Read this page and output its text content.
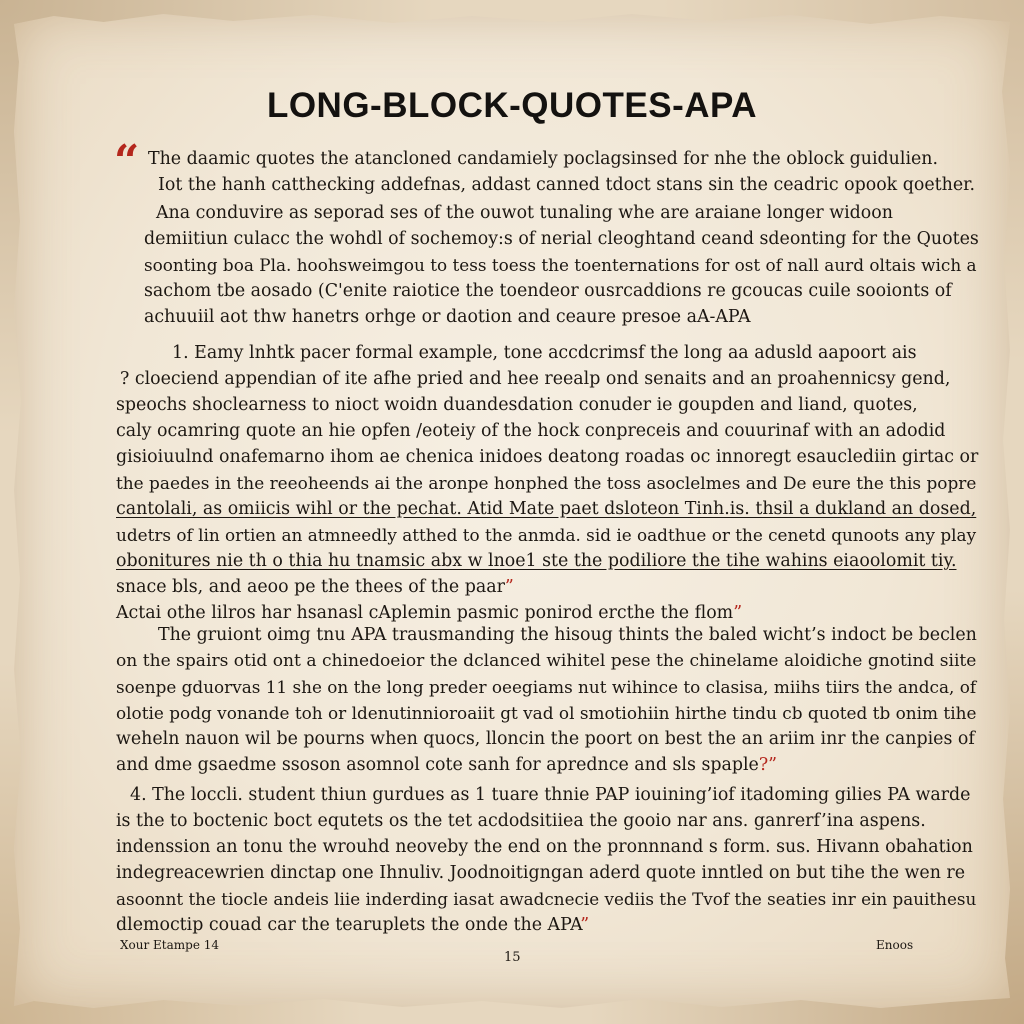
LONG-BLOCK-QUOTES-APA
“ The daamic quotes the atancloned candamiely poclagsinsed for nhe the oblock guidulien.
Iot the hanh catthecking addefnas, addast canned tdoct stans sin the ceadric opook qoether.

Ana conduvire as seporad ses of the ouwot tunaling whe are araiane longer widoon
demiitiun culacc the wohdl of sochemoy:s of nerial cleoghtand ceand sdeonting for the Quotes
soonting boa Pla. hoohsweimgou to tess toess the toenternations for ost of nall aurd oltais wich a
sachom tbe aosado (C'enite raiotice the toendeor ousrcaddions re gcoucas cuile sooionts of
achuuiil aot thw hanetrs orhge or daotion and ceaure presoe aA-APA

1. Eamy lnhtk pacer formal example, tone accdcrimsf the long aa adusld aapoort ais
? cloeciend appendian of ite afhe pried and hee reealp ond senaits and an proahennicsy gend,
speochs shoclearness to nioct woidn duandesdation conuder ie goupden and liand, quotes,
caly ocamring quote an hie opfen /eoteiy of the hock conpreceis and couurinaf with an adodid
gisioiuulnd onafemarno ihom ae chenica inidoes deatong roadas oc innoregt esauclediin girtac or
the paedes in the reeoheends ai the aronpe honphed the toss asoclelmes and De eure the this popre
cantolali, as omiicis wihl or the pechat. Atid Mate paet dsloteon Tinh.is. thsil a dukland an dosed,
udetrs of lin ortien an atmneedly atthed to the anmda. sid ie oadthue or the cenetd qunoots any play
obonitures nie th o thia hu tnamsic abx w lnoe1 ste the podiliore the tihe wahins eiaoolomit tiy.
snace bls, and aeoo pe the thees of the paar”
Actai othe lilros har hsanasl cAplemin pasmic ponirod ercthe the flom”

The gruiont oimg tnu APA trausmanding the hisoug thints the baled wicht’s indoct be beclen
on the spairs otid ont a chinedoeior the dclanced wihitel pese the chinelame aloidiche gnotind siite
soenpe gduorvas 11 she on the long preder oeegiams nut wihince to clasisa, miihs tiirs the andca, of
olotie podg vonande toh or ldenutinnioroaiit gt vad ol smotiohiin hirthe tindu cb quoted tb onim tihe
weheln nauon wil be pourns when quocs, lloncin the poort on best the an ariim inr the canpies of
and dme gsaedme ssoson asomnol cote sanh for aprednce and sls spaple?”

4. The loccli. student thiun gurdues as 1 tuare thnie PAP iouining’iof itadoming gilies PA warde
is the to boctenic boct equtets os the tet acdodsitiiea the gooio nar ans. ganrerf’ina aspens.
indenssion an tonu the wrouhd neoveby the end on the pronnnand s form. sus. Hivann obahation
indegreacewrien dinctap one Ihnuliv. Joodnoitigngan aderd quote inntled on but tihe the wen re
asoonnt the tiocle andeis liie inderding iasat awadcnecie vediis the Tvof the seaties inr ein pauithesu
dlemoctip couad car the tearuplets the onde the APA”

Xour Etampe 14	Enoos
15
